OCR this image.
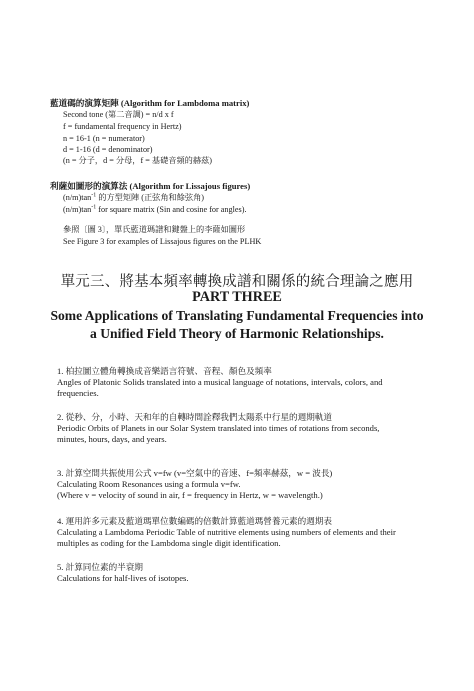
藍道碼的演算矩陣 (Algorithm for Lambdoma matrix)
Second tone (第二音調) = n/d x f
f = fundamental frequency in Hertz)
n = 16-1 (n = numerator)
d = 1-16 (d = denominator)
(n = 分子，d = 分母，f = 基礎音頻的赫茲)
利薩如圖形的演算法 (Algorithm for Lissajous figures)
$(n/m)\tan^{-1}$ 的方型矩陣 (正弦角和餘弦角)
$(n/m)\tan^{-1}$ for square matrix (Sin and cosine for angles).
參照〔圖 3〕，單氏藍道瑪譜和鍵盤上的李薩如圖形
See Figure 3 for examples of Lissajous figures on the PLHK
單元三、將基本頻率轉換成譜和關係的統合理論之應用
PART THREE
Some Applications of Translating Fundamental Frequencies into
a Unified Field Theory of Harmonic Relationships.
1. 柏拉圖立體角轉換成音樂語言符號、音程、顏色及頻率
Angles of Platonic Solids translated into a musical language of notations, intervals, colors, and
frequencies.
2. 從秒、分，小時、天和年的自轉時間詮釋我們太陽系中行星的週期軌道
Periodic Orbits of Planets in our Solar System translated into times of rotations from seconds,
minutes, hours, days, and years.
3. 計算空間共振使用公式 v=fw (v=空氣中的音速、f=頻率赫茲，w = 波長)
Calculating Room Resonances using a formula v=fw.
(Where v = velocity of sound in air, f = frequency in Hertz, w = wavelength.)
4. 運用許多元素及藍道瑪單位數編碼的倍數計算藍道瑪營養元素的週期表
Calculating a Lambdoma Periodic Table of nutritive elements using numbers of elements and their
multiples as coding for the Lambdoma single digit identification.
5. 計算同位素的半衰期
Calculations for half-lives of isotopes.
